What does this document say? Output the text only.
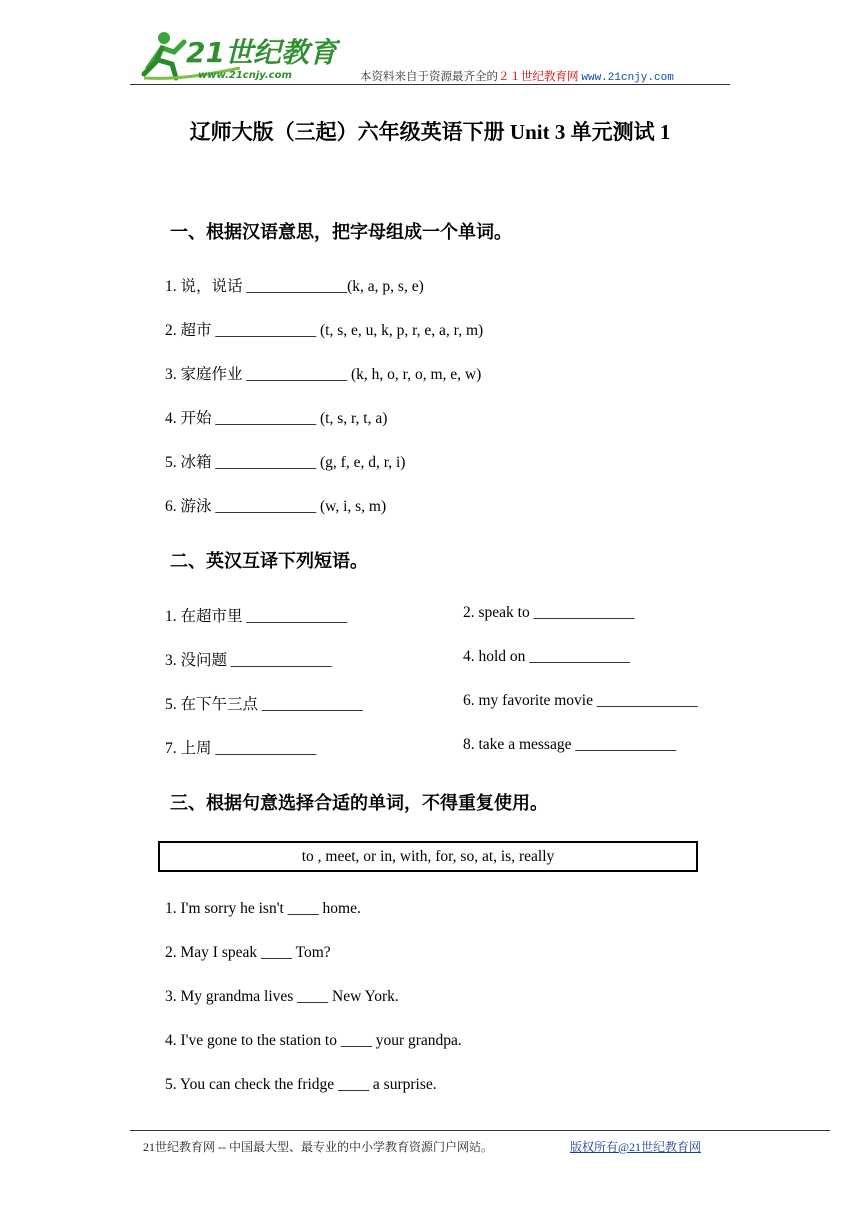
21世纪教育
www.21cnjy.com	本资料来自于资源最齐全的２１世纪教育网 www.21cnjy.com
辽师大版（三起）六年级英语下册 Unit 3 单元测试 1
一、根据汉语意思，把字母组成一个单词。
1. 说，说话 _____________(k, a, p, s, e)
2. 超市 _____________ (t, s, e, u, k, p, r, e, a, r, m)
3. 家庭作业 _____________ (k, h, o, r, o, m, e, w)
4. 开始 _____________ (t, s, r, t, a)
5. 冰箱 _____________ (g, f, e, d, r, i)
6. 游泳 _____________ (w, i, s, m)
二、英汉互译下列短语。
1. 在超市里 _____________	2. speak to _____________
3. 没问题 _____________	4. hold on _____________
5. 在下午三点 _____________	6. my favorite movie _____________
7. 上周 _____________	8. take a message _____________
三、根据句意选择合适的单词，不得重复使用。
to , meet, or in, with, for, so, at, is, really
1. I'm sorry he isn't ____ home.
2. May I speak ____ Tom?
3. My grandma lives ____ New York.
4. I've gone to the station to ____ your grandpa.
5. You can check the fridge ____ a surprise.
21世纪教育网 -- 中国最大型、最专业的中小学教育资源门户网站。	版权所有@21世纪教育网
